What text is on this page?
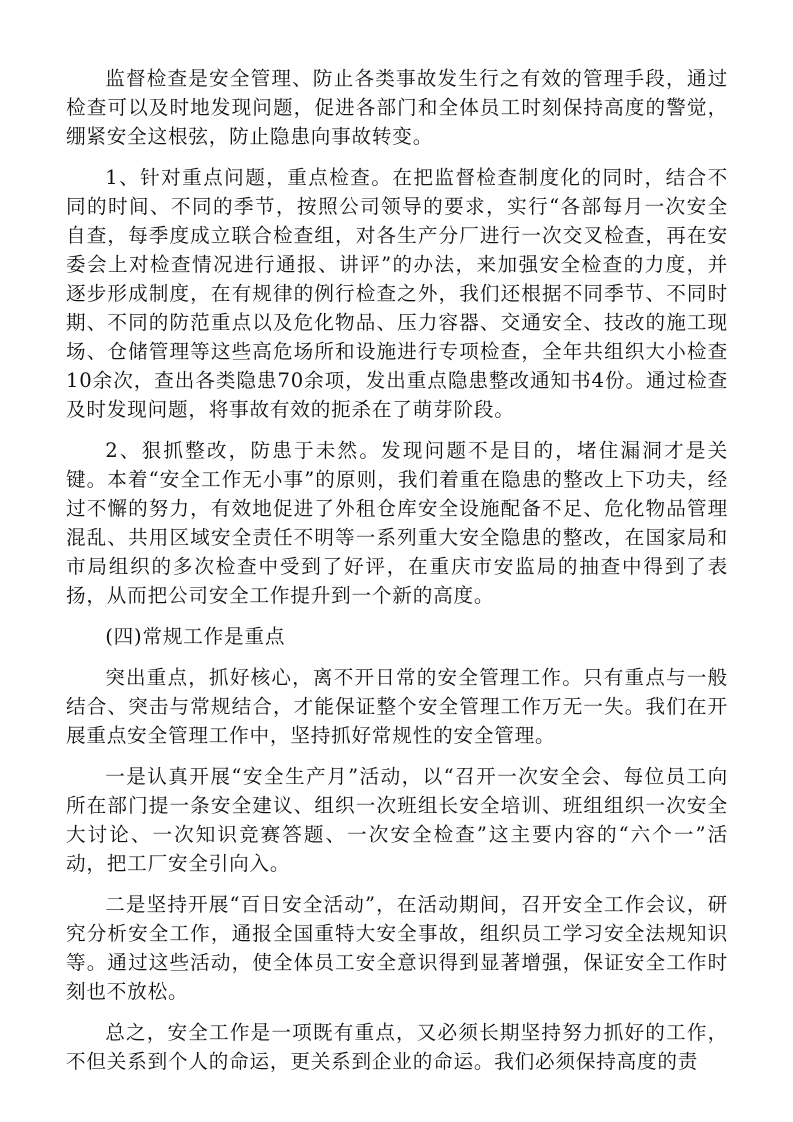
监督检查是安全管理、防止各类事故发生行之有效的管理手段，通过检查可以及时地发现问题，促进各部门和全体员工时刻保持高度的警觉，绷紧安全这根弦，防止隐患向事故转变。

1、针对重点问题，重点检查。在把监督检查制度化的同时，结合不同的时间、不同的季节，按照公司领导的要求，实行“各部每月一次安全自查，每季度成立联合检查组，对各生产分厂进行一次交叉检查，再在安委会上对检查情况进行通报、讲评”的办法，来加强安全检查的力度，并逐步形成制度，在有规律的例行检查之外，我们还根据不同季节、不同时期、不同的防范重点以及危化物品、压力容器、交通安全、技改的施工现场、仓储管理等这些高危场所和设施进行专项检查，全年共组织大小检查10余次，查出各类隐患70余项，发出重点隐患整改通知书4份。通过检查及时发现问题，将事故有效的扼杀在了萌芽阶段。

2、狠抓整改，防患于未然。发现问题不是目的，堵住漏洞才是关键。本着“安全工作无小事”的原则，我们着重在隐患的整改上下功夫，经过不懈的努力，有效地促进了外租仓库安全设施配备不足、危化物品管理混乱、共用区域安全责任不明等一系列重大安全隐患的整改，在国家局和市局组织的多次检查中受到了好评，在重庆市安监局的抽查中得到了表扬，从而把公司安全工作提升到一个新的高度。

(四)常规工作是重点

突出重点，抓好核心，离不开日常的安全管理工作。只有重点与一般结合、突击与常规结合，才能保证整个安全管理工作万无一失。我们在开展重点安全管理工作中，坚持抓好常规性的安全管理。

一是认真开展“安全生产月”活动，以“召开一次安全会、每位员工向所在部门提一条安全建议、组织一次班组长安全培训、班组组织一次安全大讨论、一次知识竞赛答题、一次安全检查”这主要内容的“六个一”活动，把工厂安全引向入。

二是坚持开展“百日安全活动”，在活动期间，召开安全工作会议，研究分析安全工作，通报全国重特大安全事故，组织员工学习安全法规知识等。通过这些活动，使全体员工安全意识得到显著增强，保证安全工作时刻也不放松。

总之，安全工作是一项既有重点，又必须长期坚持努力抓好的工作，不但关系到个人的命运，更关系到企业的命运。我们必须保持高度的责
